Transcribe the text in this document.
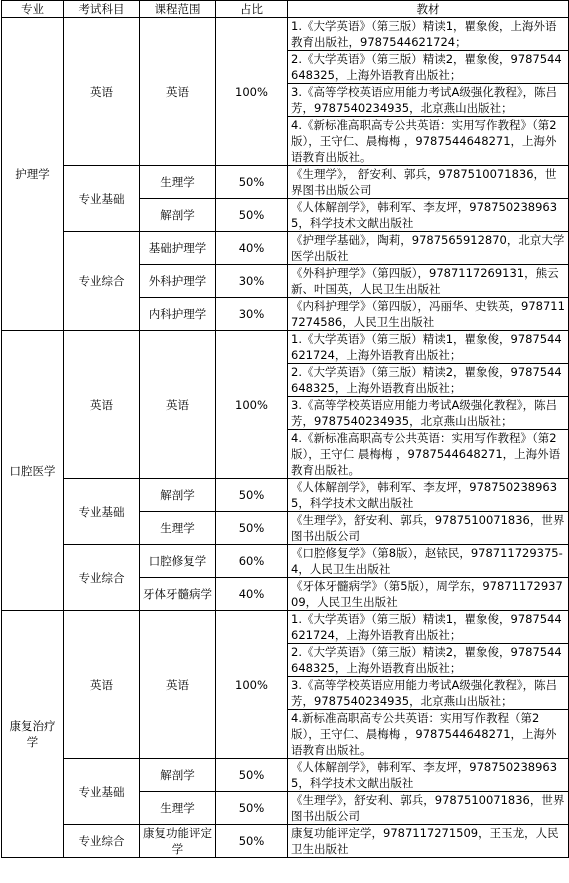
专业	考试科目	课程范围	占比	教材
护理学	英语	英语	100%	1.《大学英语》（第三版）精读1，瞿象俊，上海外语教育出版社，9787544621724；
				2.《大学英语》（第三版）精读2，瞿象俊，9787544648325，上海外语教育出版社；
				3.《高等学校英语应用能力考试A级强化教程》，陈吕芳，9787540234935，北京燕山出版社；
				4.《新标准高职高专公共英语：实用写作教程》（第2版），王守仁、晨梅梅 ，9787544648271，上海外语教育出版社。
	专业基础	生理学	50%	《生理学》， 舒安利、郭兵，9787510071836，世界图书出版公司
		解剖学	50%	《人体解剖学》，韩利军、李友坪，9787502389635，科学技术文献出版社
	专业综合	基础护理学	40%	《护理学基础》，陶莉，9787565912870，北京大学医学出版社
		外科护理学	30%	《外科护理学》（第四版），9787117269131，熊云新、叶国英，人民卫生出版社
		内科护理学	30%	《内科护理学》（第四版），冯丽华、史铁英，9787117274586，人民卫生出版社
口腔医学	英语	英语	100%	1.《大学英语》（第三版）精读1，瞿象俊，9787544621724，上海外语教育出版社；
				2.《大学英语》（第三版）精读2，瞿象俊，9787544648325，上海外语教育出版社；
				3.《高等学校英语应用能力考试A级强化教程》，陈吕芳，9787540234935，北京燕山出版社；
				4.《新标准高职高专公共英语：实用写作教程》（第2版），王守仁 晨梅梅 ，9787544648271，上海外语教育出版社。
	专业基础	解剖学	50%	《人体解剖学》，韩利军、李友坪，9787502389635，科学技术文献出版社
		生理学	50%	《生理学》，舒安利、郭兵，9787510071836，世界图书出版公司
	专业综合	口腔修复学	60%	《口腔修复学》（第8版），赵铱民，978711729375-4，人民卫生出版社
		牙体牙髓病学	40%	《牙体牙髓病学》（第5版），周学东，9787117293709，人民卫生出版社
康复治疗学	英语	英语	100%	1.《大学英语》（第三版）精读1，瞿象俊，9787544621724，上海外语教育出版社；
				2.《大学英语》（第三版）精读2，瞿象俊，9787544648325，上海外语教育出版社；
				3.《高等学校英语应用能力考试A级强化教程》，陈吕芳，9787540234935，北京燕山出版社；
				4.新标准高职高专公共英语：实用写作教程（第2版），王守仁、晨梅梅 ，9787544648271，上海外语教育出版社。
	专业基础	解剖学	50%	《人体解剖学》，韩利军、李友坪，9787502389635，科学技术文献出版社
		生理学	50%	《生理学》，舒安利、郭兵，9787510071836，世界图书出版公司
	专业综合	康复功能评定学	50%	康复功能评定学，9787117271509，王玉龙，人民卫生出版社
